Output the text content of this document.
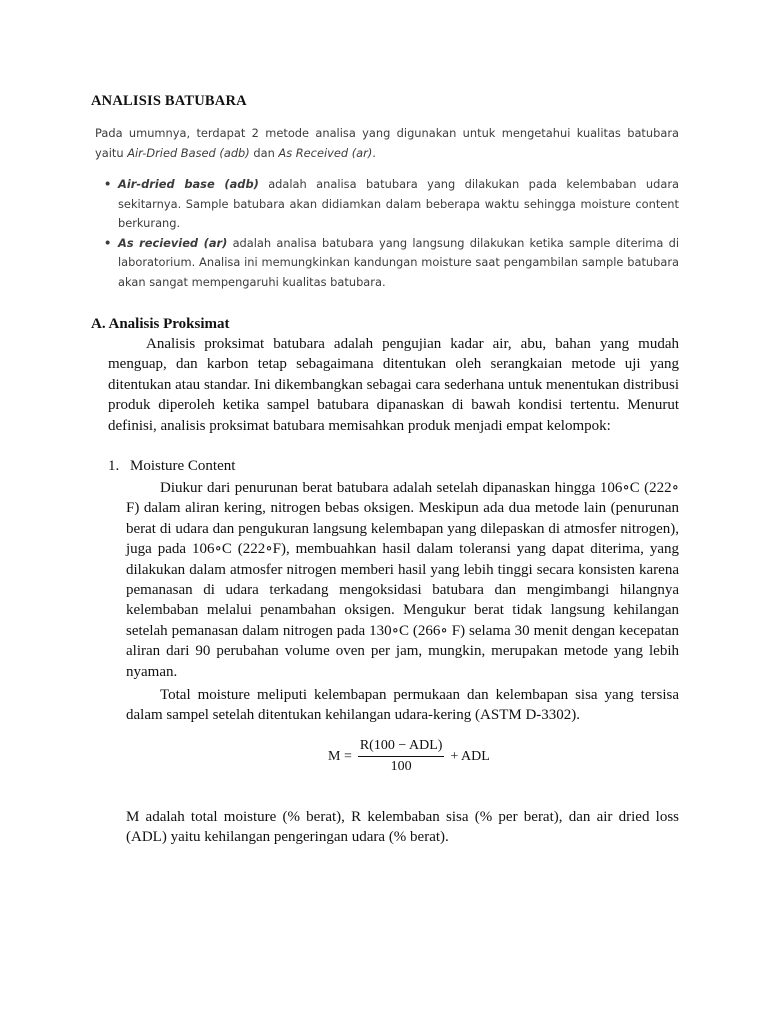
ANALISIS BATUBARA

Pada umumnya, terdapat 2 metode analisa yang digunakan untuk mengetahui kualitas batubara yaitu Air-Dried Based (adb) dan As Received (ar).

• Air-dried base (adb) adalah analisa batubara yang dilakukan pada kelembaban udara sekitarnya. Sample batubara akan didiamkan dalam beberapa waktu sehingga moisture content berkurang.
• As recievied (ar) adalah analisa batubara yang langsung dilakukan ketika sample diterima di laboratorium. Analisa ini memungkinkan kandungan moisture saat pengambilan sample batubara akan sangat mempengaruhi kualitas batubara.
A. Analisis Proksimat

Analisis proksimat batubara adalah pengujian kadar air, abu, bahan yang mudah menguap, dan karbon tetap sebagaimana ditentukan oleh serangkaian metode uji yang ditentukan atau standar. Ini dikembangkan sebagai cara sederhana untuk menentukan distribusi produk diperoleh ketika sampel batubara dipanaskan di bawah kondisi tertentu. Menurut definisi, analisis proksimat batubara memisahkan produk menjadi empat kelompok:

1. Moisture Content

Diukur dari penurunan berat batubara adalah setelah dipanaskan hingga 106∘C (222∘ F) dalam aliran kering, nitrogen bebas oksigen. Meskipun ada dua metode lain (penurunan berat di udara dan pengukuran langsung kelembapan yang dilepaskan di atmosfer nitrogen), juga pada 106∘C (222∘F), membuahkan hasil dalam toleransi yang dapat diterima, yang dilakukan dalam atmosfer nitrogen memberi hasil yang lebih tinggi secara konsisten karena pemanasan di udara terkadang mengoksidasi batubara dan mengimbangi hilangnya kelembaban melalui penambahan oksigen. Mengukur berat tidak langsung kehilangan setelah pemanasan dalam nitrogen pada 130∘C (266∘ F) selama 30 menit dengan kecepatan aliran dari 90 perubahan volume oven per jam, mungkin, merupakan metode yang lebih nyaman.

Total moisture meliputi kelembapan permukaan dan kelembapan sisa yang tersisa dalam sampel setelah ditentukan kehilangan udara-kering (ASTM D-3302).

$M = \frac{\text{R(100 − ADL)}}{100}$ + ADL

M adalah total moisture (% berat), R kelembaban sisa (% per berat), dan air dried loss (ADL) yaitu kehilangan pengeringan udara (% berat).
